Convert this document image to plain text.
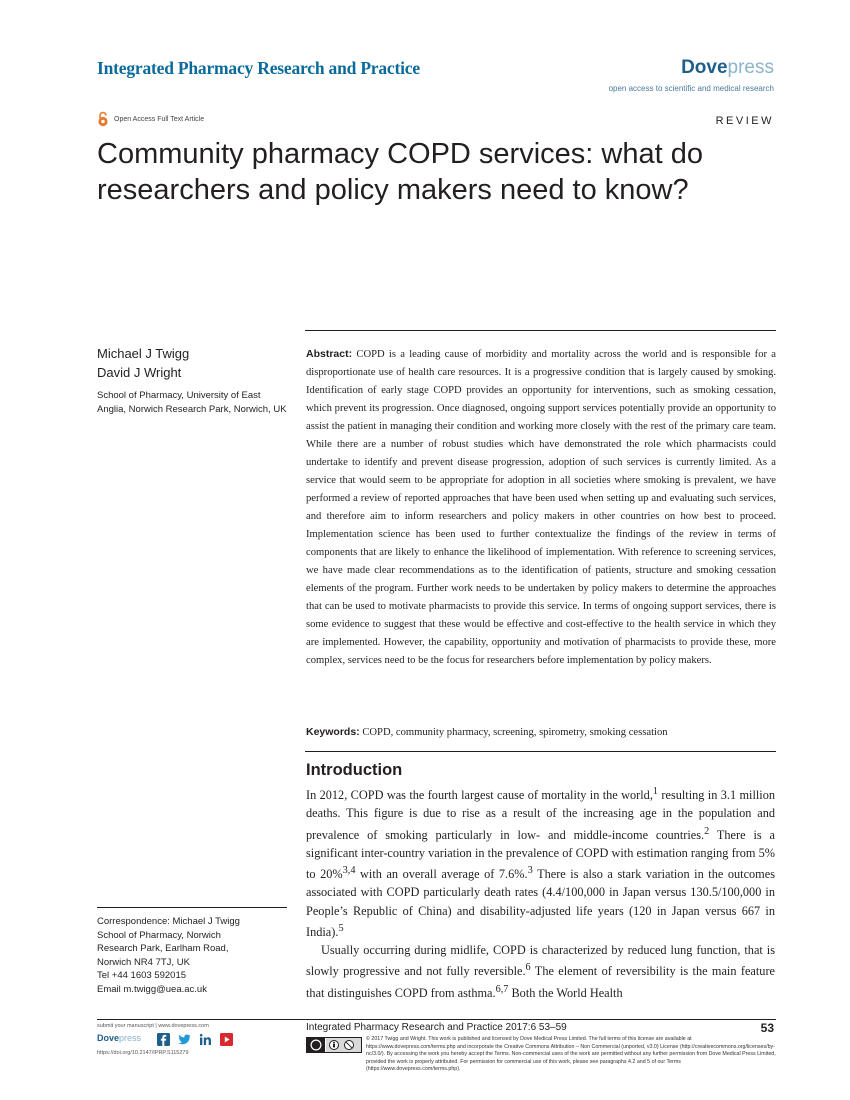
Integrated Pharmacy Research and Practice	Dovepress
open access to scientific and medical research
Open Access Full Text Article	REVIEW
Community pharmacy COPD services: what do researchers and policy makers need to know?
Michael J Twigg
David J Wright
School of Pharmacy, University of East Anglia, Norwich Research Park, Norwich, UK
Abstract: COPD is a leading cause of morbidity and mortality across the world and is responsible for a disproportionate use of health care resources. It is a progressive condition that is largely caused by smoking. Identification of early stage COPD provides an opportunity for interventions, such as smoking cessation, which prevent its progression. Once diagnosed, ongoing support services potentially provide an opportunity to assist the patient in managing their condition and working more closely with the rest of the primary care team. While there are a number of robust studies which have demonstrated the role which pharmacists could undertake to identify and prevent disease progression, adoption of such services is currently limited. As a service that would seem to be appropriate for adoption in all societies where smoking is prevalent, we have performed a review of reported approaches that have been used when setting up and evaluating such services, and therefore aim to inform researchers and policy makers in other countries on how best to proceed. Implementation science has been used to further contextualize the findings of the review in terms of components that are likely to enhance the likelihood of implementation. With reference to screening services, we have made clear recommendations as to the identification of patients, structure and smoking cessation elements of the program. Further work needs to be undertaken by policy makers to determine the approaches that can be used to motivate pharmacists to provide this service. In terms of ongoing support services, there is some evidence to suggest that these would be effective and cost-effective to the health service in which they are implemented. However, the capability, opportunity and motivation of pharmacists to provide these, more complex, services need to be the focus for researchers before implementation by policy makers.
Keywords: COPD, community pharmacy, screening, spirometry, smoking cessation
Introduction

In 2012, COPD was the fourth largest cause of mortality in the world,$^1$ resulting in 3.1 million deaths. This figure is due to rise as a result of the increasing age in the population and prevalence of smoking particularly in low- and middle-income countries.$^2$ There is a significant inter-country variation in the prevalence of COPD with estimation ranging from 5% to 20%$^{3,4}$ with an overall average of 7.6%.$^3$ There is also a stark variation in the outcomes associated with COPD particularly death rates (4.4/100,000 in Japan versus 130.5/100,000 in People’s Republic of China) and disability-adjusted life years (120 in Japan versus 667 in India).$^5$

Usually occurring during midlife, COPD is characterized by reduced lung function, that is slowly progressive and not fully reversible.$^6$ The element of reversibility is the main feature that distinguishes COPD from asthma.$^{6,7}$ Both the World Health

Correspondence: Michael J Twigg
School of Pharmacy, Norwich
Research Park, Earlham Road,
Norwich NR4 7TJ, UK
Tel +44 1603 592015
Email m.twigg@uea.ac.uk
submit your manuscript | www.dovepress.com
Dovepress
https://doi.org/10.2147/IPRP.S115279
Integrated Pharmacy Research and Practice 2017:6 53–59	53
© 2017 Twigg and Wright. This work is published and licensed by Dove Medical Press Limited. The full terms of this license are available at https://www.dovepress.com/terms.php and incorporate the Creative Commons Attribution – Non Commercial (unported, v3.0) License (http://creativecommons.org/licenses/by-nc/3.0/). By accessing the work you hereby accept the Terms. Non-commercial uses of the work are permitted without any further permission from Dove Medical Press Limited, provided the work is properly attributed. For permission for commercial use of this work, please see paragraphs 4.2 and 5 of our Terms (https://www.dovepress.com/terms.php).
